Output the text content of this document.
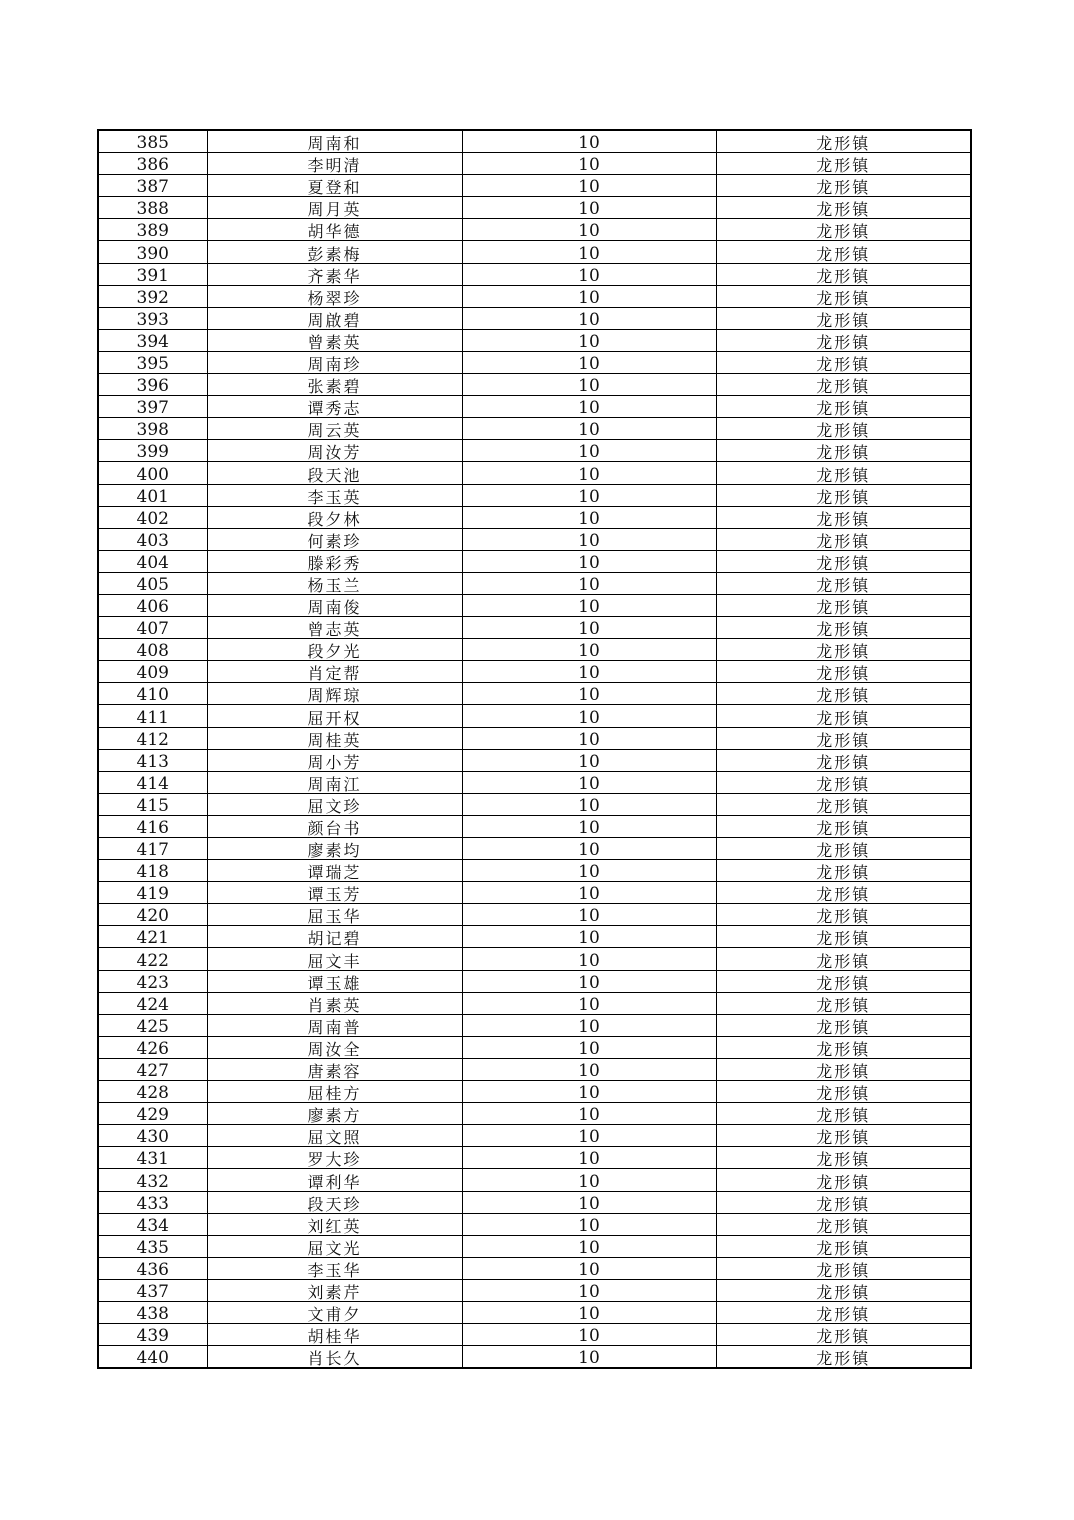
385	周南和	10	龙形镇
386	李明清	10	龙形镇
387	夏登和	10	龙形镇
388	周月英	10	龙形镇
389	胡华德	10	龙形镇
390	彭素梅	10	龙形镇
391	齐素华	10	龙形镇
392	杨翠珍	10	龙形镇
393	周啟碧	10	龙形镇
394	曾素英	10	龙形镇
395	周南珍	10	龙形镇
396	张素碧	10	龙形镇
397	谭秀志	10	龙形镇
398	周云英	10	龙形镇
399	周汝芳	10	龙形镇
400	段天池	10	龙形镇
401	李玉英	10	龙形镇
402	段夕林	10	龙形镇
403	何素珍	10	龙形镇
404	滕彩秀	10	龙形镇
405	杨玉兰	10	龙形镇
406	周南俊	10	龙形镇
407	曾志英	10	龙形镇
408	段夕光	10	龙形镇
409	肖定帮	10	龙形镇
410	周辉琼	10	龙形镇
411	屈开权	10	龙形镇
412	周桂英	10	龙形镇
413	周小芳	10	龙形镇
414	周南江	10	龙形镇
415	屈文珍	10	龙形镇
416	颜台书	10	龙形镇
417	廖素均	10	龙形镇
418	谭瑞芝	10	龙形镇
419	谭玉芳	10	龙形镇
420	屈玉华	10	龙形镇
421	胡记碧	10	龙形镇
422	屈文丰	10	龙形镇
423	谭玉雄	10	龙形镇
424	肖素英	10	龙形镇
425	周南普	10	龙形镇
426	周汝全	10	龙形镇
427	唐素容	10	龙形镇
428	屈桂方	10	龙形镇
429	廖素方	10	龙形镇
430	屈文照	10	龙形镇
431	罗大珍	10	龙形镇
432	谭利华	10	龙形镇
433	段天珍	10	龙形镇
434	刘红英	10	龙形镇
435	屈文光	10	龙形镇
436	李玉华	10	龙形镇
437	刘素芹	10	龙形镇
438	文甫夕	10	龙形镇
439	胡桂华	10	龙形镇
440	肖长久	10	龙形镇
